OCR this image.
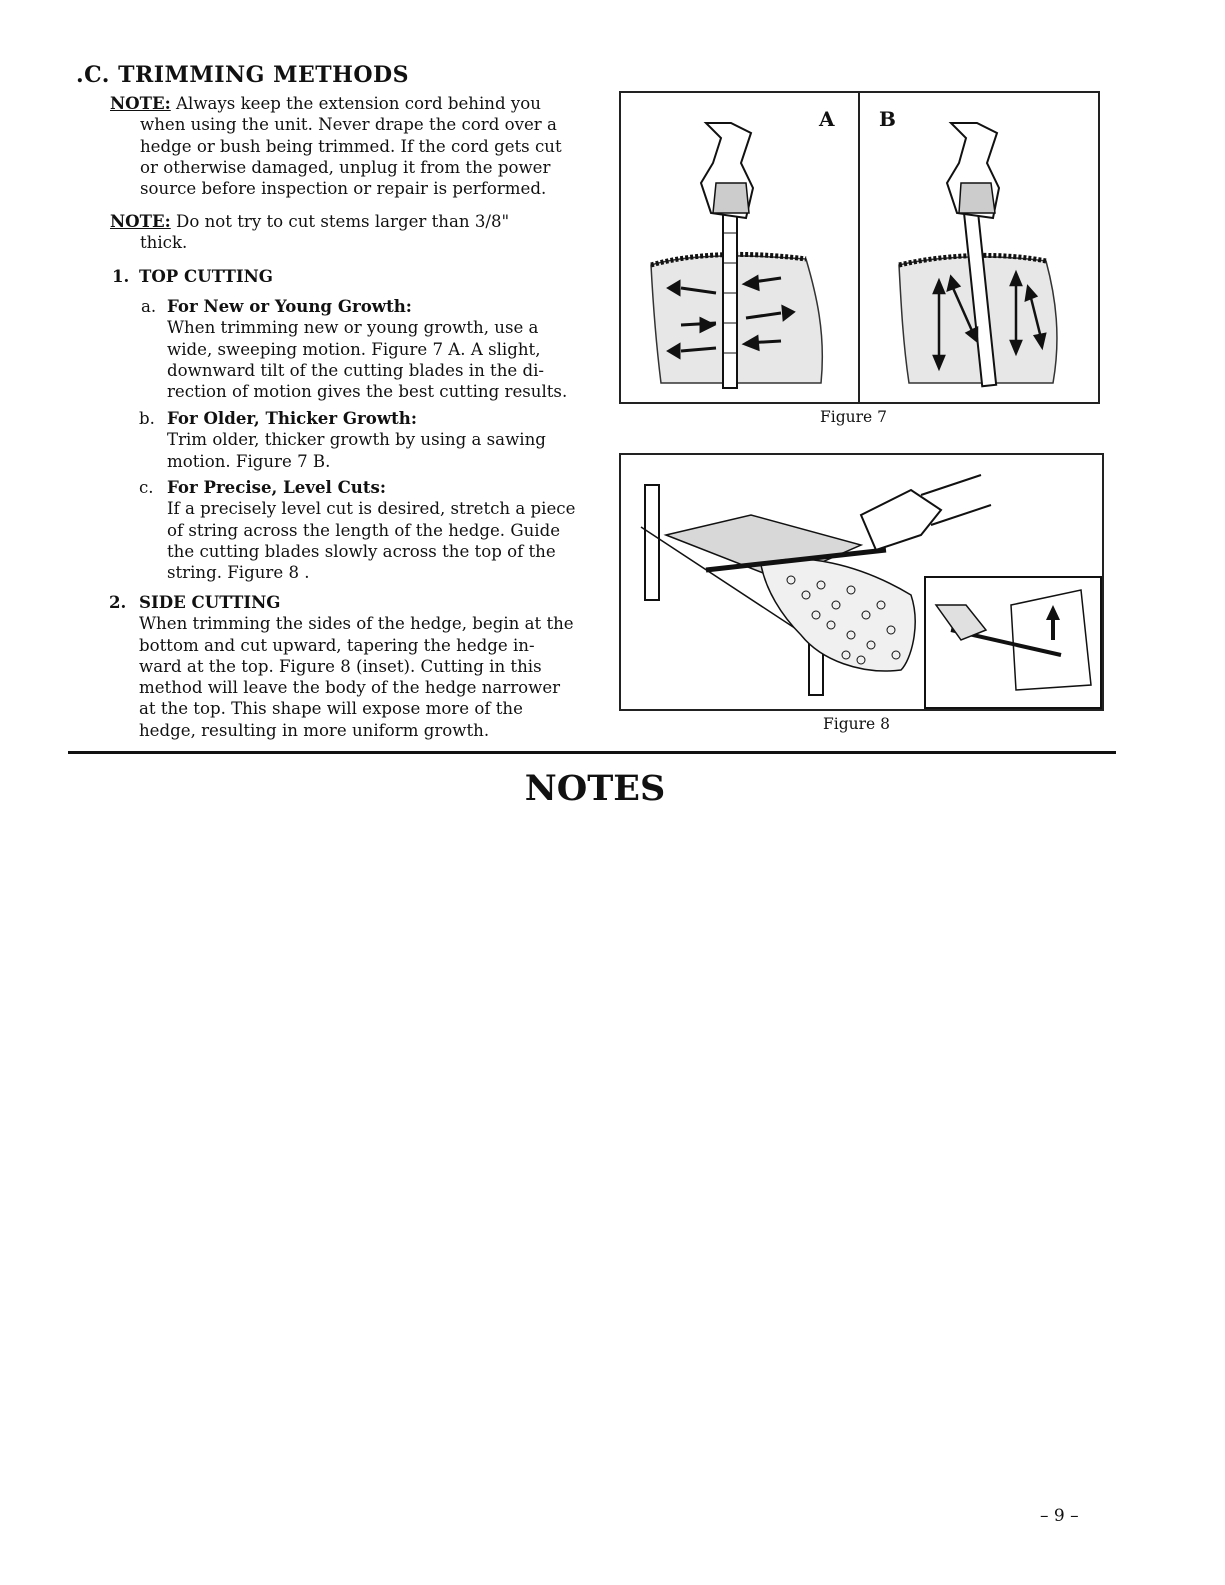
.C. TRIMMING METHODS
NOTE: Always keep the extension cord behind you
when using the unit. Never drape the cord over a
hedge or bush being trimmed. If the cord gets cut
or otherwise damaged, unplug it from the power
source before inspection or repair is performed.
NOTE: Do not try to cut stems larger than 3/8"
thick.
1. TOP CUTTING
a. For New or Young Growth:
When trimming new or young growth, use a
wide, sweeping motion. Figure 7 A. A slight,
downward tilt of the cutting blades in the di-
rection of motion gives the best cutting results.
b. For Older, Thicker Growth:
Trim older, thicker growth by using a sawing
motion. Figure 7 B.
c. For Precise, Level Cuts:
If a precisely level cut is desired, stretch a piece
of string across the length of the hedge. Guide
the cutting blades slowly across the top of the
string. Figure 8 .
2. SIDE CUTTING
When trimming the sides of the hedge, begin at the
bottom and cut upward, tapering the hedge in-
ward at the top. Figure 8 (inset). Cutting in this
method will leave the body of the hedge narrower
at the top. This shape will expose more of the
hedge, resulting in more uniform growth.
A B
Figure 7
Figure 8
NOTES
– 9 –
